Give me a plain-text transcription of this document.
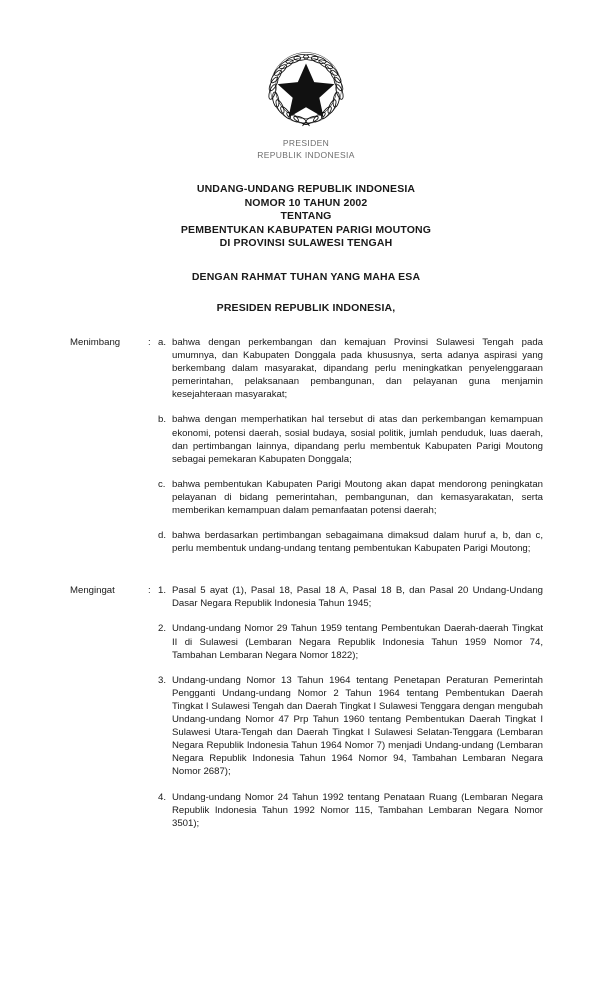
PRESIDEN
REPUBLIK INDONESIA
UNDANG-UNDANG REPUBLIK INDONESIA
NOMOR 10 TAHUN 2002
TENTANG
PEMBENTUKAN KABUPATEN PARIGI MOUTONG
DI PROVINSI SULAWESI TENGAH
DENGAN RAHMAT TUHAN YANG MAHA ESA
PRESIDEN REPUBLIK INDONESIA,
Menimbang	: a. bahwa dengan perkembangan dan kemajuan Provinsi Sulawesi Tengah pada umumnya, dan Kabupaten Donggala pada khususnya, serta adanya aspirasi yang berkembang dalam masyarakat, dipandang perlu meningkatkan penyelenggaraan pemerintahan, pelaksanaan pembangunan, dan pelayanan guna menjamin kesejahteraan masyarakat;
b. bahwa dengan memperhatikan hal tersebut di atas dan perkembangan kemampuan ekonomi, potensi daerah, sosial budaya, sosial politik, jumlah penduduk, luas daerah, dan pertimbangan lainnya, dipandang perlu membentuk Kabupaten Parigi Moutong sebagai pemekaran Kabupaten Donggala;
c. bahwa pembentukan Kabupaten Parigi Moutong akan dapat mendorong peningkatan pelayanan di bidang pemerintahan, pembangunan, dan kemasyarakatan, serta memberikan kemampuan dalam pemanfaatan potensi daerah;
d. bahwa berdasarkan pertimbangan sebagaimana dimaksud dalam huruf a, b, dan c, perlu membentuk undang-undang tentang pembentukan Kabupaten Parigi Moutong;
Mengingat	: 1. Pasal 5 ayat (1), Pasal 18, Pasal 18 A, Pasal 18 B, dan Pasal 20 Undang-Undang Dasar Negara Republik Indonesia Tahun 1945;
2. Undang-undang Nomor 29 Tahun 1959 tentang Pembentukan Daerah-daerah Tingkat II di Sulawesi (Lembaran Negara Republik Indonesia Tahun 1959 Nomor 74, Tambahan Lembaran Negara Nomor 1822);
3. Undang-undang Nomor 13 Tahun 1964 tentang Penetapan Peraturan Pemerintah Pengganti Undang-undang Nomor 2 Tahun 1964 tentang Pembentukan Daerah Tingkat I Sulawesi Tengah dan Daerah Tingkat I Sulawesi Tenggara dengan mengubah Undang-undang Nomor 47 Prp Tahun 1960 tentang Pembentukan Daerah Tingkat I Sulawesi Utara-Tengah dan Daerah Tingkat I Sulawesi Selatan-Tenggara (Lembaran Negara Republik Indonesia Tahun 1964 Nomor 7) menjadi Undang-undang (Lembaran Negara Republik Indonesia Tahun 1964 Nomor 94, Tambahan Lembaran Negara Nomor 2687);
4. Undang-undang Nomor 24 Tahun 1992 tentang Penataan Ruang (Lembaran Negara Republik Indonesia Tahun 1992 Nomor 115, Tambahan Lembaran Negara Nomor 3501);
